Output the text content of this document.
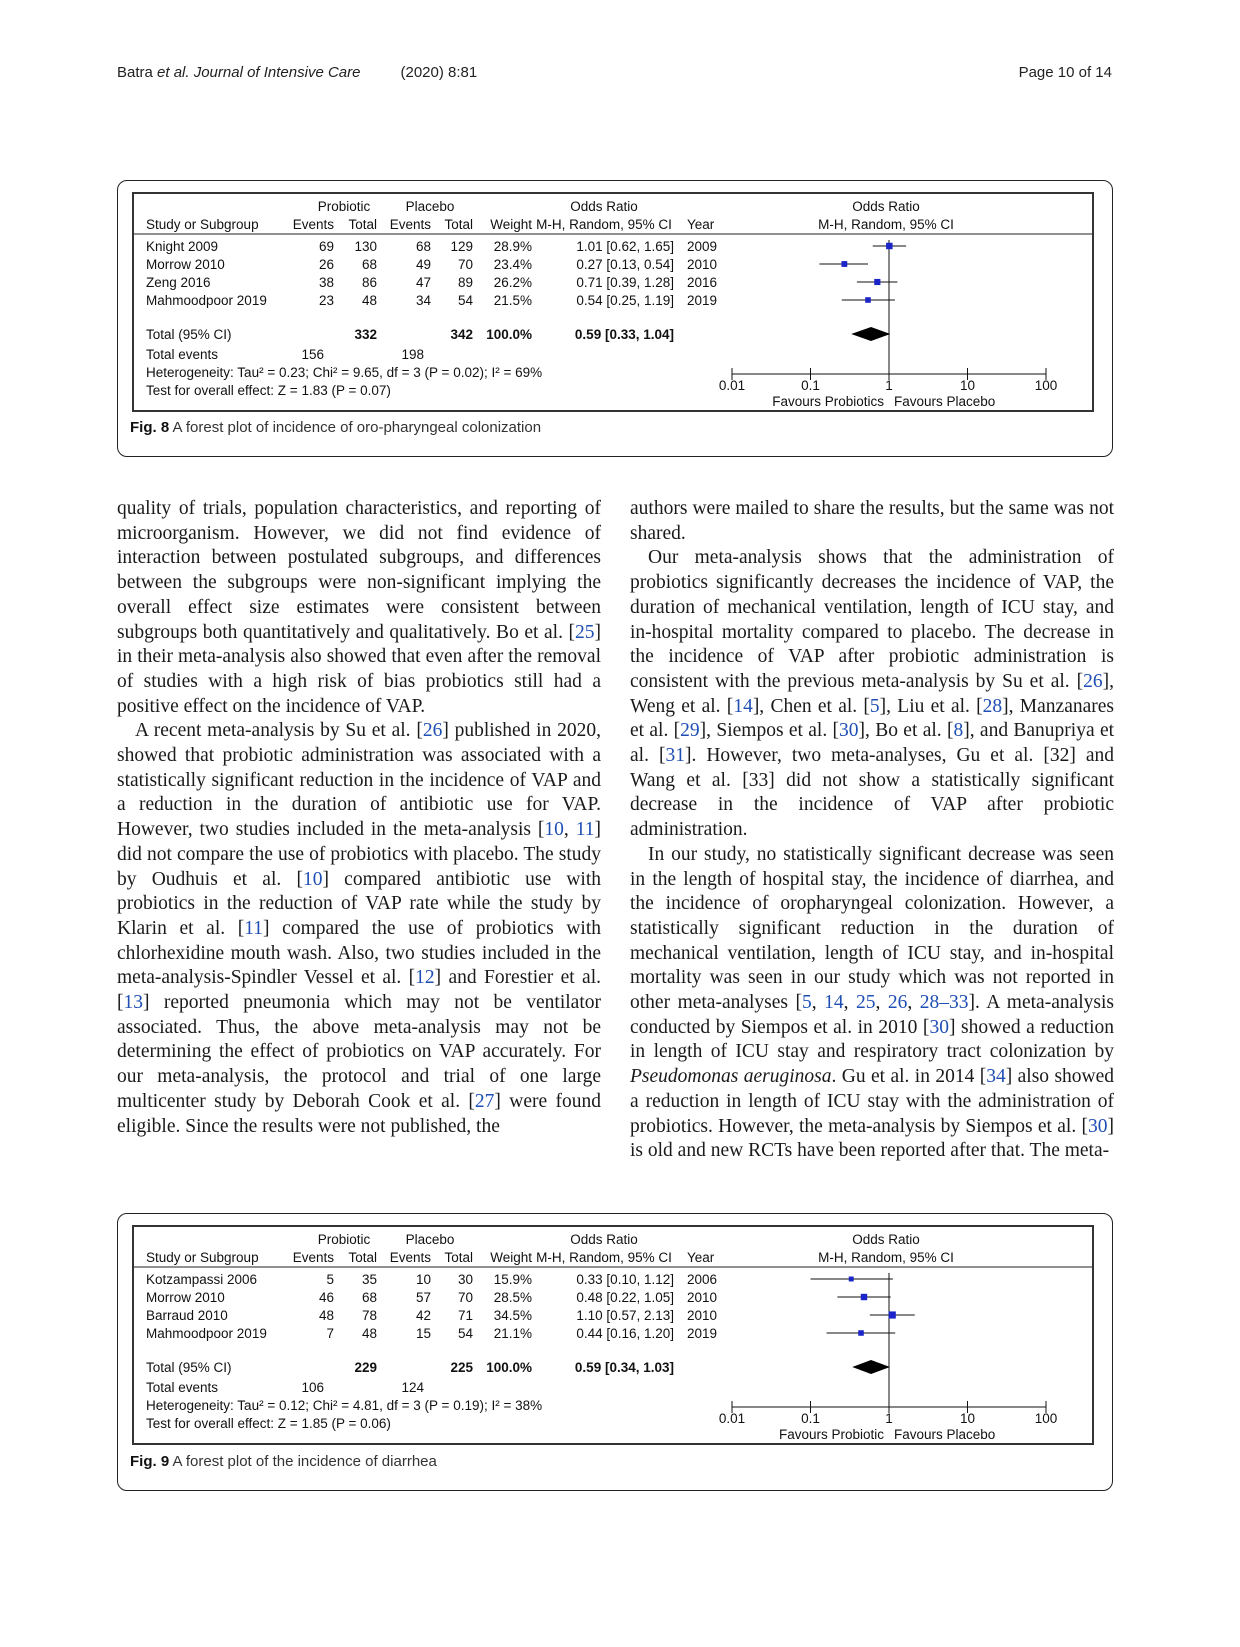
Batra et al. Journal of Intensive Care	(2020) 8:81	Page 10 of 14
Probiotic	Placebo	Odds Ratio	Odds Ratio
Study or Subgroup	Events Total Events Total Weight M-H, Random, 95% CI Year	M-H, Random, 95% CI
Knight 2009	69 130	68 129 28.9%	1.01 [0.62, 1.65] 2009
Morrow 2010	26 68	49 70 23.4%	0.27 [0.13, 0.54] 2010
Zeng 2016	38 86	47 89 26.2%	0.71 [0.39, 1.28] 2016
Mahmoodpoor 2019	23 48	34 54 21.5%	0.54 [0.25, 1.19] 2019
Total (95% CI)	332	342 100.0%	0.59 [0.33, 1.04]
Total events	156	198
Heterogeneity: Tau² = 0.23; Chi² = 9.65, df = 3 (P = 0.02); I² = 69%
Test for overall effect: Z = 1.83 (P = 0.07)	0.01	0.1	1	10	100
Favours Probiotics Favours Placebo
Fig. 8 A forest plot of incidence of oro-pharyngeal colonization

quality of trials, population characteristics, and reporting of microorganism. However, we did not find evidence of interaction between postulated subgroups, and differences between the subgroups were non-significant implying the overall effect size estimates were consistent between subgroups both quantitatively and qualitatively. Bo et al. [25] in their meta-analysis also showed that even after the removal of studies with a high risk of bias probiotics still had a positive effect on the incidence of VAP.

A recent meta-analysis by Su et al. [26] published in 2020, showed that probiotic administration was associated with a statistically significant reduction in the incidence of VAP and a reduction in the duration of antibiotic use for VAP. However, two studies included in the meta-analysis [10, 11] did not compare the use of probiotics with placebo. The study by Oudhuis et al. [10] compared antibiotic use with probiotics in the reduction of VAP rate while the study by Klarin et al. [11] compared the use of probiotics with chlorhexidine mouth wash. Also, two studies included in the meta-analysis-Spindler Vessel et al. [12] and Forestier et al. [13] reported pneumonia which may not be ventilator associated. Thus, the above meta-analysis may not be determining the effect of probiotics on VAP accurately. For our meta-analysis, the protocol and trial of one large multicenter study by Deborah Cook et al. [27] were found eligible. Since the results were not published, the

authors were mailed to share the results, but the same was not shared.

Our meta-analysis shows that the administration of probiotics significantly decreases the incidence of VAP, the duration of mechanical ventilation, length of ICU stay, and in-hospital mortality compared to placebo. The decrease in the incidence of VAP after probiotic administration is consistent with the previous meta-analysis by Su et al. [26], Weng et al. [14], Chen et al. [5], Liu et al. [28], Manzanares et al. [29], Siempos et al. [30], Bo et al. [8], and Banupriya et al. [31]. However, two meta-analyses, Gu et al. [32] and Wang et al. [33] did not show a statistically significant decrease in the incidence of VAP after probiotic administration.

In our study, no statistically significant decrease was seen in the length of hospital stay, the incidence of diarrhea, and the incidence of oropharyngeal colonization. However, a statistically significant reduction in the duration of mechanical ventilation, length of ICU stay, and in-hospital mortality was seen in our study which was not reported in other meta-analyses [5, 14, 25, 26, 28–33]. A meta-analysis conducted by Siempos et al. in 2010 [30] showed a reduction in length of ICU stay and respiratory tract colonization by Pseudomonas aeruginosa. Gu et al. in 2014 [34] also showed a reduction in length of ICU stay with the administration of probiotics. However, the meta-analysis by Siempos et al. [30] is old and new RCTs have been reported after that. The meta-

Probiotic	Placebo	Odds Ratio	Odds Ratio
Study or Subgroup	Events Total Events Total Weight M-H, Random, 95% CI Year	M-H, Random, 95% CI
Kotzampassi 2006	5 35	10 30 15.9%	0.33 [0.10, 1.12] 2006
Morrow 2010	46 68	57 70 28.5%	0.48 [0.22, 1.05] 2010
Barraud 2010	48 78	42 71 34.5%	1.10 [0.57, 2.13] 2010
Mahmoodpoor 2019	7 48	15 54 21.1%	0.44 [0.16, 1.20] 2019
Total (95% CI)	229	225 100.0%	0.59 [0.34, 1.03]
Total events	106	124
Heterogeneity: Tau² = 0.12; Chi² = 4.81, df = 3 (P = 0.19); I² = 38%
Test for overall effect: Z = 1.85 (P = 0.06)	0.01	0.1	1	10	100
Favours Probiotic Favours Placebo
Fig. 9 A forest plot of the incidence of diarrhea
